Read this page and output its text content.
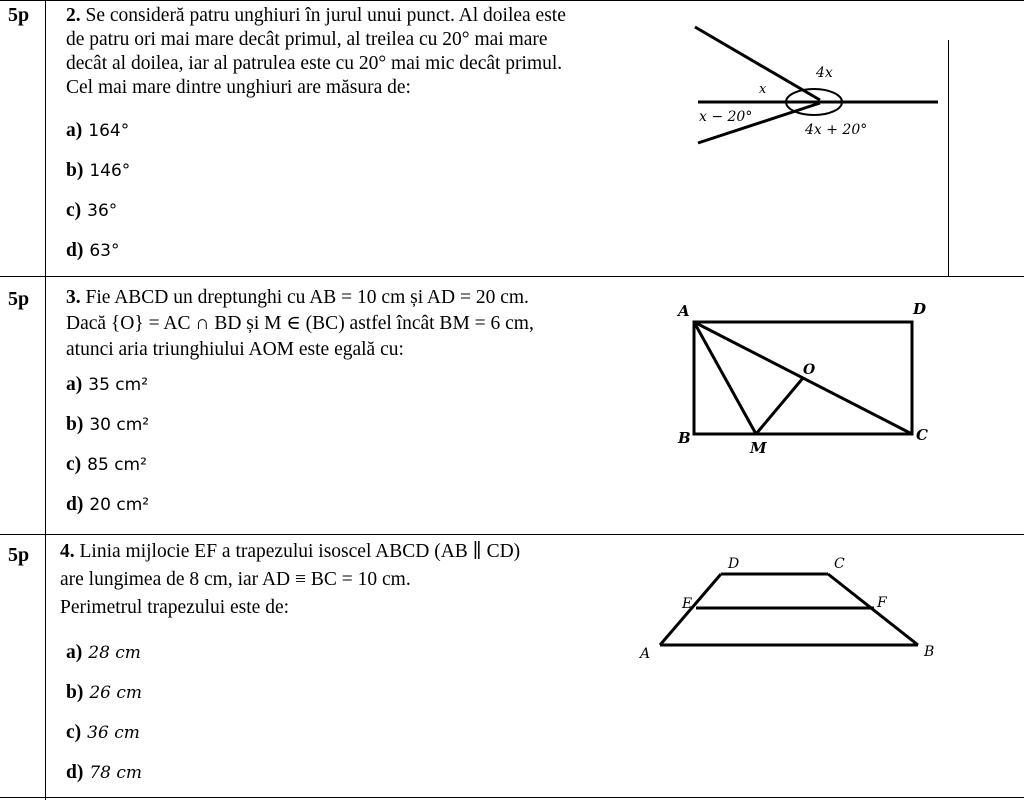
5p 2. Se consideră patru unghiuri în jurul unui punct. Al doilea este
de patru ori mai mare decât primul, al treilea cu 20° mai mare
decât al doilea, iar al patrulea este cu 20° mai mic decât primul.
Cel mai mare dintre unghiuri are măsura de:
a) 164°
b) 146°
c) 36°
d) 63°
4x
x
x − 20°
4x + 20°
5p 3. Fie ABCD un dreptunghi cu AB = 10 cm și AD = 20 cm.
Dacă {O} = AC ∩ BD și M ∈ (BC) astfel încât BM = 6 cm,
atunci aria triunghiului AOM este egală cu:
a) 35 cm²
b) 30 cm²
c) 85 cm²
d) 20 cm²
A	D
O
B
M
C
5p 4. Linia mijlocie EF a trapezului isoscel ABCD (AB ∥ CD)
are lungimea de 8 cm, iar AD ≡ BC = 10 cm.
Perimetrul trapezului este de:
a) 28 cm
b) 26 cm
c) 36 cm
d) 78 cm
D	C
E	F
A	B
